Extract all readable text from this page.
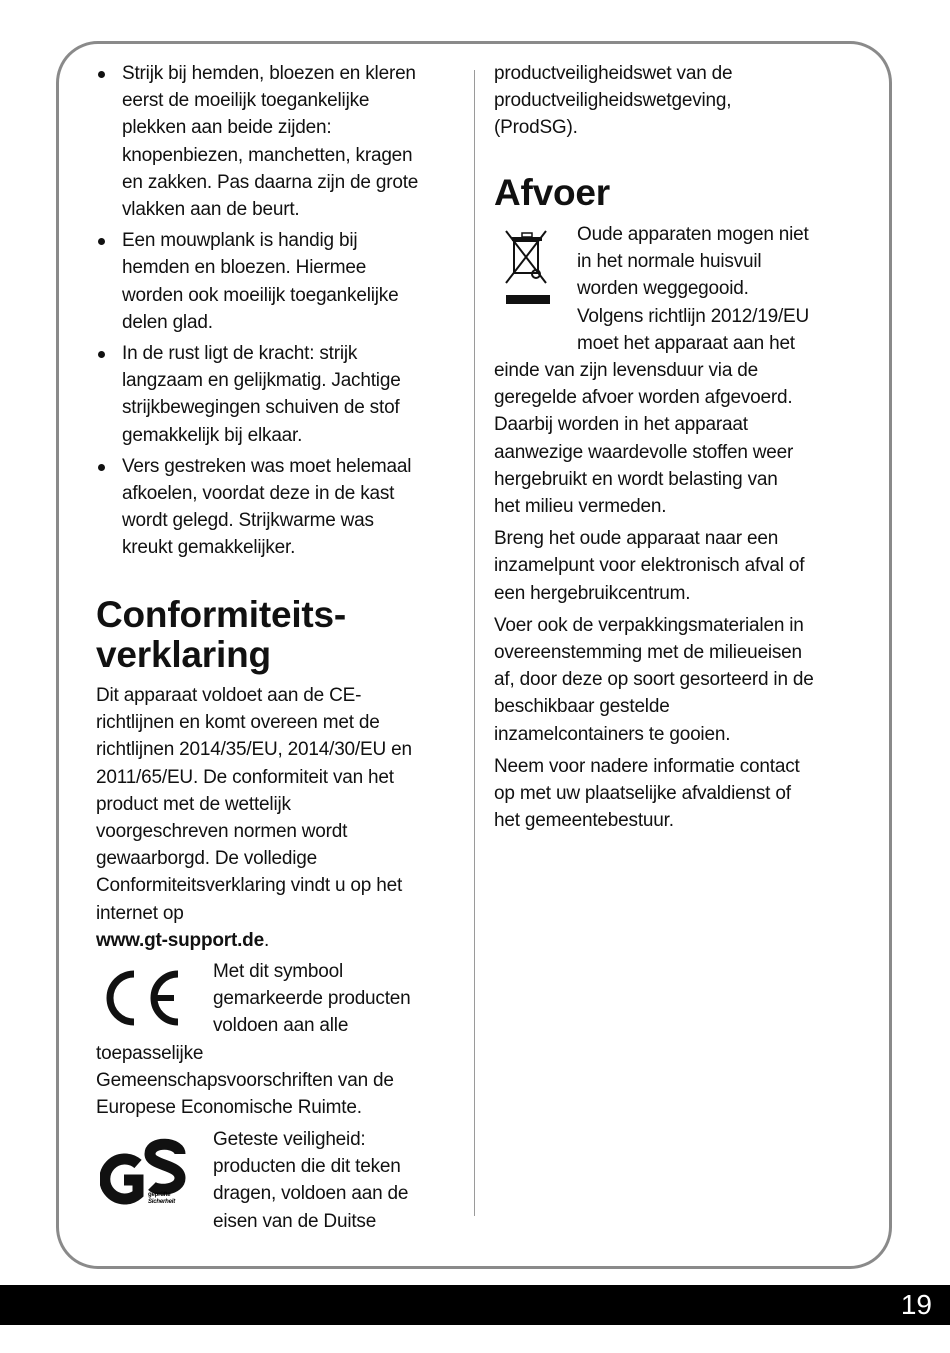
Strijk bij hemden, bloezen en kleren
eerst de moeilijk toegankelijke
plekken aan beide zijden:
knopenbiezen, manchetten, kragen
en zakken. Pas daarna zijn de grote
vlakken aan de beurt.
Een mouwplank is handig bij
hemden en bloezen. Hiermee
worden ook moeilijk toegankelijke
delen glad.
In de rust ligt de kracht: strijk
langzaam en gelijkmatig. Jachtige
strijkbewegingen schuiven de stof
gemakkelijk bij elkaar.
Vers gestreken was moet helemaal
afkoelen, voordat deze in de kast
wordt gelegd. Strijkwarme was
kreukt gemakkelijker.
Conformiteits-
verklaring
Dit apparaat voldoet aan de CE-
richtlijnen en komt overeen met de
richtlijnen 2014/35/EU, 2014/30/EU en
2011/65/EU. De conformiteit van het
product met de wettelijk
voorgeschreven normen wordt
gewaarborgd. De volledige
Conformiteitsverklaring vindt u op het
internet op
www.gt-support.de.
Met dit symbool
gemarkeerde producten
voldoen aan alle
toepasselijke
Gemeenschapsvoorschriften van de
Europese Economische Ruimte.
geprüfte
Sicherheit
Geteste veiligheid:
producten die dit teken
dragen, voldoen aan de
eisen van de Duitse
productveiligheidswet van de
productveiligheidswetgeving,
(ProdSG).
Afvoer
Oude apparaten mogen niet
in het normale huisvuil
worden weggegooid.
Volgens richtlijn 2012/19/EU
moet het apparaat aan het
einde van zijn levensduur via de
geregelde afvoer worden afgevoerd.
Daarbij worden in het apparaat
aanwezige waardevolle stoffen weer
hergebruikt en wordt belasting van
het milieu vermeden.
Breng het oude apparaat naar een
inzamelpunt voor elektronisch afval of
een hergebruikcentrum.
Voer ook de verpakkingsmaterialen in
overeenstemming met de milieueisen
af, door deze op soort gesorteerd in de
beschikbaar gestelde
inzamelcontainers te gooien.
Neem voor nadere informatie contact
op met uw plaatselijke afvaldienst of
het gemeentebestuur.
19
